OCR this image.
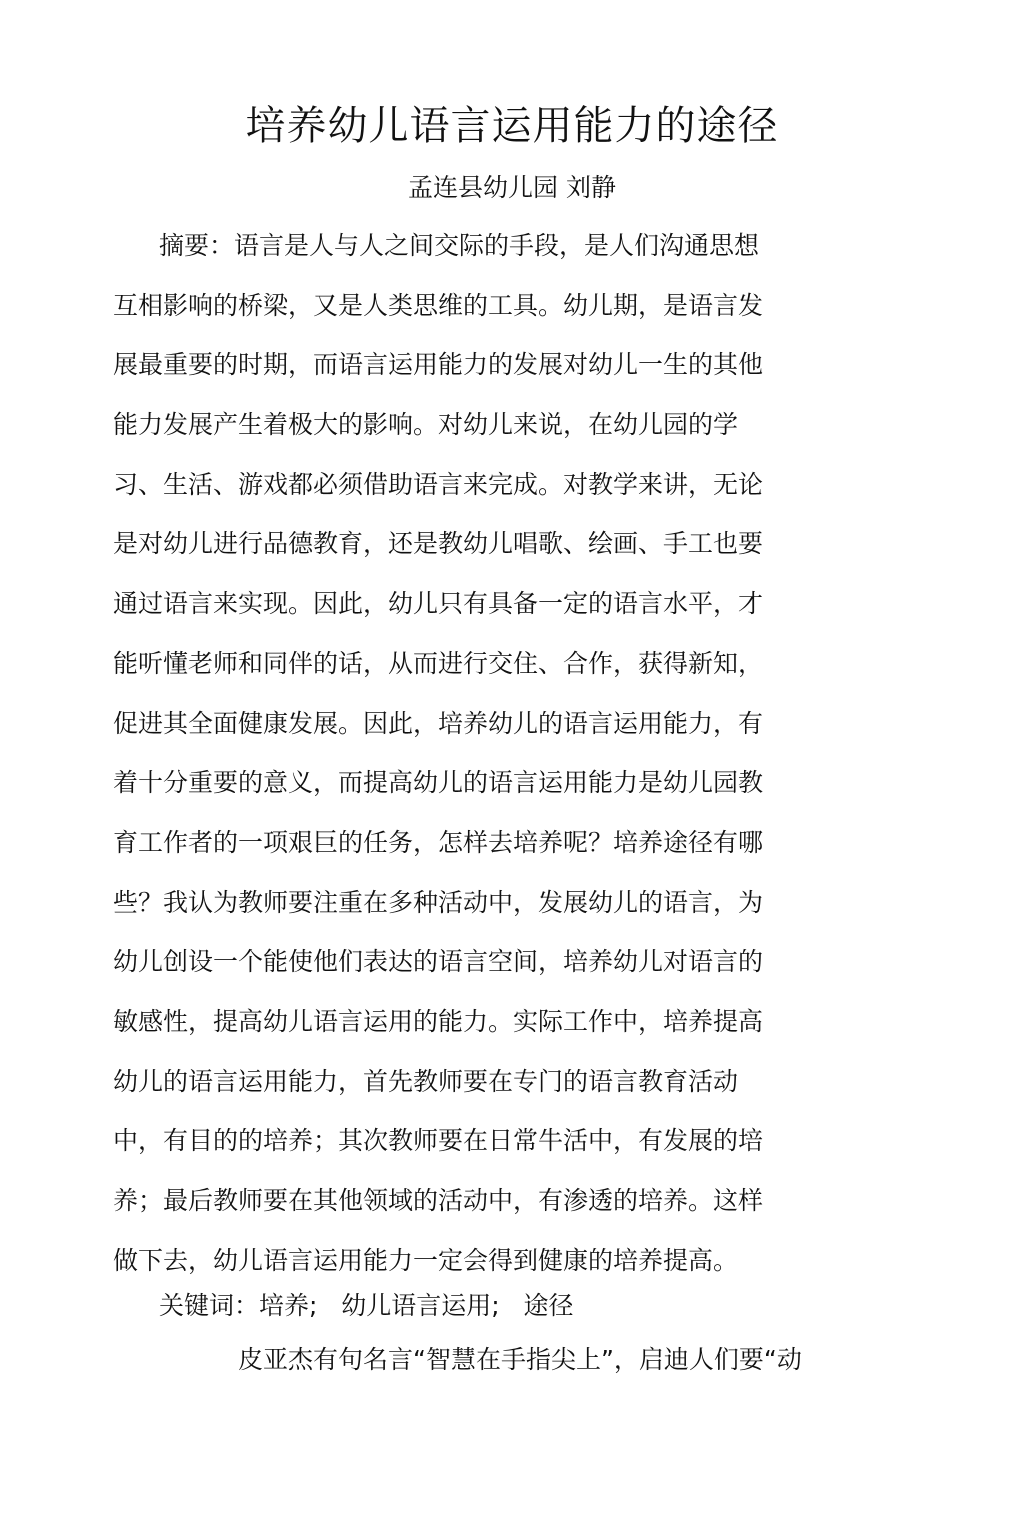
培养幼儿语言运用能力的途径
孟连县幼儿园 刘静
摘要：语言是人与人之间交际的手段，是人们沟通思想
互相影响的桥梁，又是人类思维的工具。幼儿期，是语言发
展最重要的时期，而语言运用能力的发展对幼儿一生的其他
能力发展产生着极大的影响。对幼儿来说，在幼儿园的学
习、生活、游戏都必须借助语言来完成。对教学来讲，无论
是对幼儿进行品德教育，还是教幼儿唱歌、绘画、手工也要
通过语言来实现。因此，幼儿只有具备一定的语言水平，才
能听懂老师和同伴的话，从而进行交住、合作，获得新知，
促进其全面健康发展。因此，培养幼儿的语言运用能力，有
着十分重要的意义，而提高幼儿的语言运用能力是幼儿园教
育工作者的一项艰巨的任务，怎样去培养呢？培养途径有哪
些？我认为教师要注重在多种活动中，发展幼儿的语言，为
幼儿创设一个能使他们表达的语言空间，培养幼儿对语言的
敏感性，提高幼儿语言运用的能力。实际工作中，培养提高
幼儿的语言运用能力，首先教师要在专门的语言教育活动
中，有目的的培养；其次教师要在日常牛活中，有发展的培
养；最后教师要在其他领域的活动中，有渗透的培养。这样
做下去，幼儿语言运用能力一定会得到健康的培养提高。
关键词：培养;   幼儿语言运用;   途径
皮亚杰有句名言“智慧在手指尖上”，启迪人们要“动
